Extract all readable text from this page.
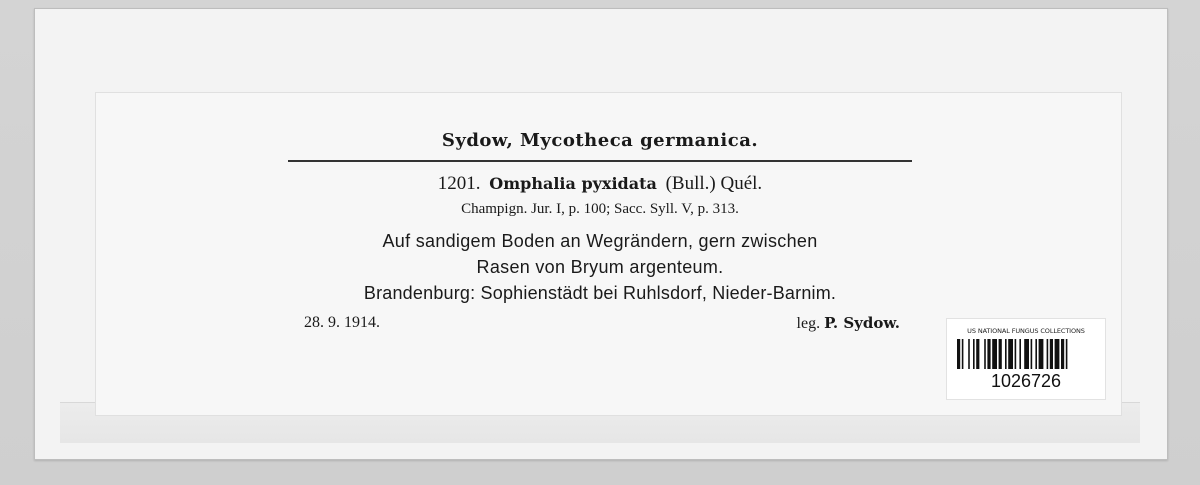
Sydow, Mycotheca germanica.

1201. Omphalia pyxidata (Bull.) Quél.

Champign. Jur. I, p. 100; Sacc. Syll. V, p. 313.

Auf sandigem Boden an Wegrändern, gern zwischen

Rasen von Bryum argenteum.

Brandenburg: Sophienstädt bei Ruhlsdorf, Nieder-Barnim.

28. 9. 1914.	leg. P. Sydow.	US NATIONAL FUNGUS COLLECTIONS
1026726
